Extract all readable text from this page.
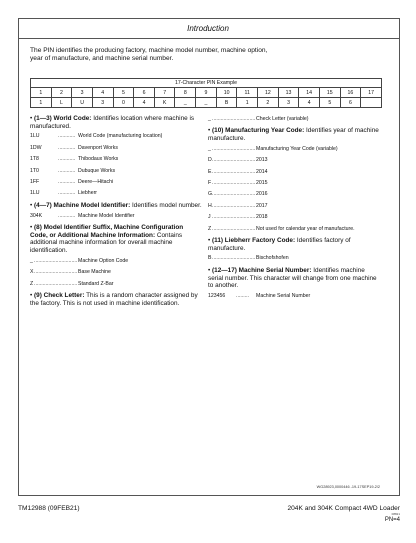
Introduction
The PIN identifies the producing factory, machine model number, machine option, year of manufacture, and machine serial number.
17-Character PIN Example																
1	2	3	4	5	6	7	8	9	10	11	12	13	14	15	16	17
1	L	U	3	0	4	K	_	_	B	1	2	3	4	5	6	
• (1—3) World Code: Identifies location where machine is manufactured.
1LU	............ World Code (manufacturing location)
1DW	............ Davenport Works
1T8	............ Thibodaux Works
1T0	............ Dubuque Works
1FF	............ Deere—Hitachi
1LU	............ Liebherr
• (4—7) Machine Model Identifier: Identifies model number.
304K	............ Machine Model Identifier
• (8) Model Identifier Suffix, Machine Configuration Code, or Additional Machine Information: Contains additional machine information for overall machine identification.
_ .............................. Machine Option Code
X .............................. Base Machine
Z .............................. Standard Z-Bar
• (9) Check Letter: This is a random character assigned by the factory. This is not used in machine identification.
_ .............................. Check Letter (variable)
• (10) Manufacturing Year Code: Identifies year of machine manufacture.
_ .............................. Manufacturing Year Code (variable)
D .............................. 2013
E .............................. 2014
F .............................. 2015
G .............................. 2016
H .............................. 2017
J .............................. 2018
Z .............................. Not used for calendar year of manufacture.
• (11) Liebherr Factory Code: Identifies factory of manufacture.
B .............................. Bischofshofen
• (12—17) Machine Serial Number: Identifies machine serial number. This character will change from one machine to another.
123456	.........	Machine Serial Number
WG28923,0000446 -19-17SEP19-2/2
TM12988 (09FEB21)	204K and 304K Compact 4WD Loader
08821
PN=4
